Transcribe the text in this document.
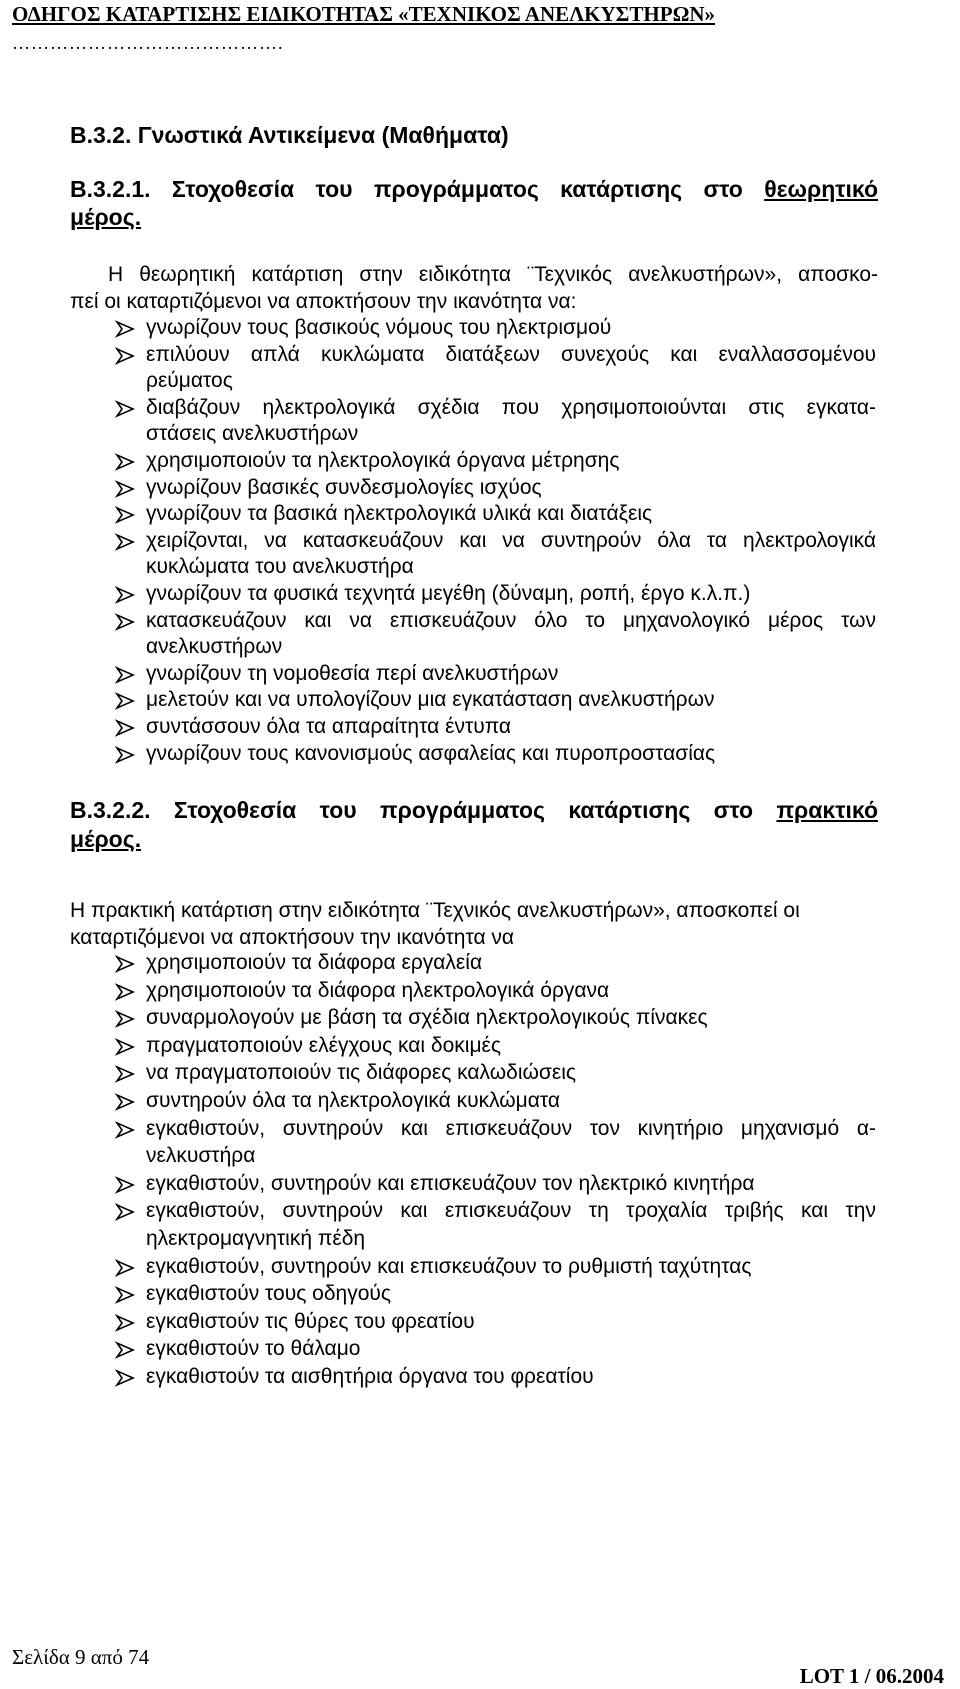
ΟΔΗΓΟΣ ΚΑΤΑΡΤΙΣΗΣ ΕΙΔΙΚΟΤΗΤΑΣ «ΤΕΧΝΙΚΟΣ ΑΝΕΛΚΥΣΤΗΡΩΝ»
…………………………………….
Β.3.2. Γνωστικά Αντικείμενα (Μαθήματα)
Β.3.2.1. Στοχοθεσία του προγράμματος κατάρτισης στο θεωρητικό
μέρος.
Η θεωρητική κατάρτιση στην ειδικότητα ¨Τεχνικός ανελκυστήρων», αποσκο-
πεί οι καταρτιζόμενοι να αποκτήσουν την ικανότητα να:
γνωρίζουν τους βασικούς νόμους του ηλεκτρισμού
επιλύουν απλά κυκλώματα διατάξεων συνεχούς και εναλλασσομένου
ρεύματος
διαβάζουν ηλεκτρολογικά σχέδια που χρησιμοποιούνται στις εγκατα-
στάσεις ανελκυστήρων
χρησιμοποιούν τα ηλεκτρολογικά όργανα μέτρησης
γνωρίζουν βασικές συνδεσμολογίες ισχύος
γνωρίζουν τα βασικά ηλεκτρολογικά υλικά και διατάξεις
χειρίζονται, να κατασκευάζουν και να συντηρούν όλα τα ηλεκτρολογικά
κυκλώματα του ανελκυστήρα
γνωρίζουν τα φυσικά τεχνητά μεγέθη (δύναμη, ροπή, έργο κ.λ.π.)
κατασκευάζουν και να επισκευάζουν όλο το μηχανολογικό μέρος των
ανελκυστήρων
γνωρίζουν τη νομοθεσία περί ανελκυστήρων
μελετούν και να υπολογίζουν μια εγκατάσταση ανελκυστήρων
συντάσσουν όλα τα απαραίτητα έντυπα
γνωρίζουν τους κανονισμούς ασφαλείας και πυροπροστασίας
Β.3.2.2. Στοχοθεσία του προγράμματος κατάρτισης στο πρακτικό
μέρος.
Η πρακτική κατάρτιση στην ειδικότητα ¨Τεχνικός ανελκυστήρων», αποσκοπεί οι
καταρτιζόμενοι να αποκτήσουν την ικανότητα να
χρησιμοποιούν τα διάφορα εργαλεία
χρησιμοποιούν τα διάφορα ηλεκτρολογικά όργανα
συναρμολογούν με βάση τα σχέδια ηλεκτρολογικούς πίνακες
πραγματοποιούν ελέγχους και δοκιμές
να πραγματοποιούν τις διάφορες καλωδιώσεις
συντηρούν όλα τα ηλεκτρολογικά κυκλώματα
εγκαθιστούν, συντηρούν και επισκευάζουν τον κινητήριο μηχανισμό α-
νελκυστήρα
εγκαθιστούν, συντηρούν και επισκευάζουν τον ηλεκτρικό κινητήρα
εγκαθιστούν, συντηρούν και επισκευάζουν τη τροχαλία τριβής και την
ηλεκτρομαγνητική πέδη
εγκαθιστούν, συντηρούν και επισκευάζουν το ρυθμιστή ταχύτητας
εγκαθιστούν τους οδηγούς
εγκαθιστούν τις θύρες του φρεατίου
εγκαθιστούν το θάλαμο
εγκαθιστούν τα αισθητήρια όργανα του φρεατίου
Σελίδα 9 από 74
LOT 1 / 06.2004
